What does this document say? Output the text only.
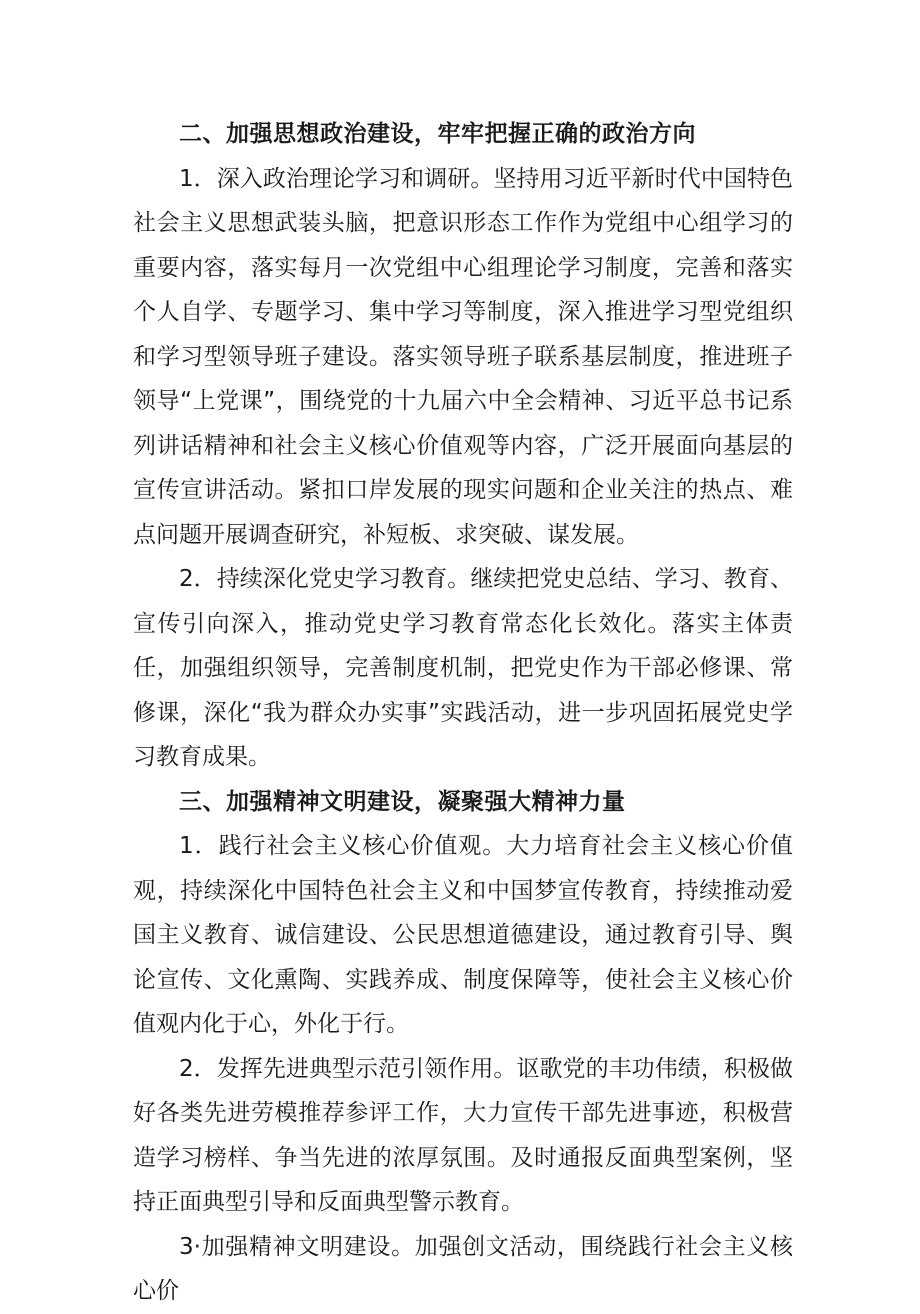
二、加强思想政治建设，牢牢把握正确的政治方向

1．深入政治理论学习和调研。坚持用习近平新时代中国特色社会主义思想武装头脑，把意识形态工作作为党组中心组学习的重要内容，落实每月一次党组中心组理论学习制度，完善和落实个人自学、专题学习、集中学习等制度，深入推进学习型党组织和学习型领导班子建设。落实领导班子联系基层制度，推进班子领导“上党课”，围绕党的十九届六中全会精神、习近平总书记系列讲话精神和社会主义核心价值观等内容，广泛开展面向基层的宣传宣讲活动。紧扣口岸发展的现实问题和企业关注的热点、难点问题开展调查研究，补短板、求突破、谋发展。

2．持续深化党史学习教育。继续把党史总结、学习、教育、宣传引向深入，推动党史学习教育常态化长效化。落实主体责任，加强组织领导，完善制度机制，把党史作为干部必修课、常修课，深化“我为群众办实事”实践活动，进一步巩固拓展党史学习教育成果。

三、加强精神文明建设，凝聚强大精神力量

1．践行社会主义核心价值观。大力培育社会主义核心价值观，持续深化中国特色社会主义和中国梦宣传教育，持续推动爱国主义教育、诚信建设、公民思想道德建设，通过教育引导、舆论宣传、文化熏陶、实践养成、制度保障等，使社会主义核心价值观内化于心，外化于行。

2．发挥先进典型示范引领作用。讴歌党的丰功伟绩，积极做好各类先进劳模推荐参评工作，大力宣传干部先进事迹，积极营造学习榜样、争当先进的浓厚氛围。及时通报反面典型案例，坚持正面典型引导和反面典型警示教育。

3·加强精神文明建设。加强创文活动，围绕践行社会主义核心价
